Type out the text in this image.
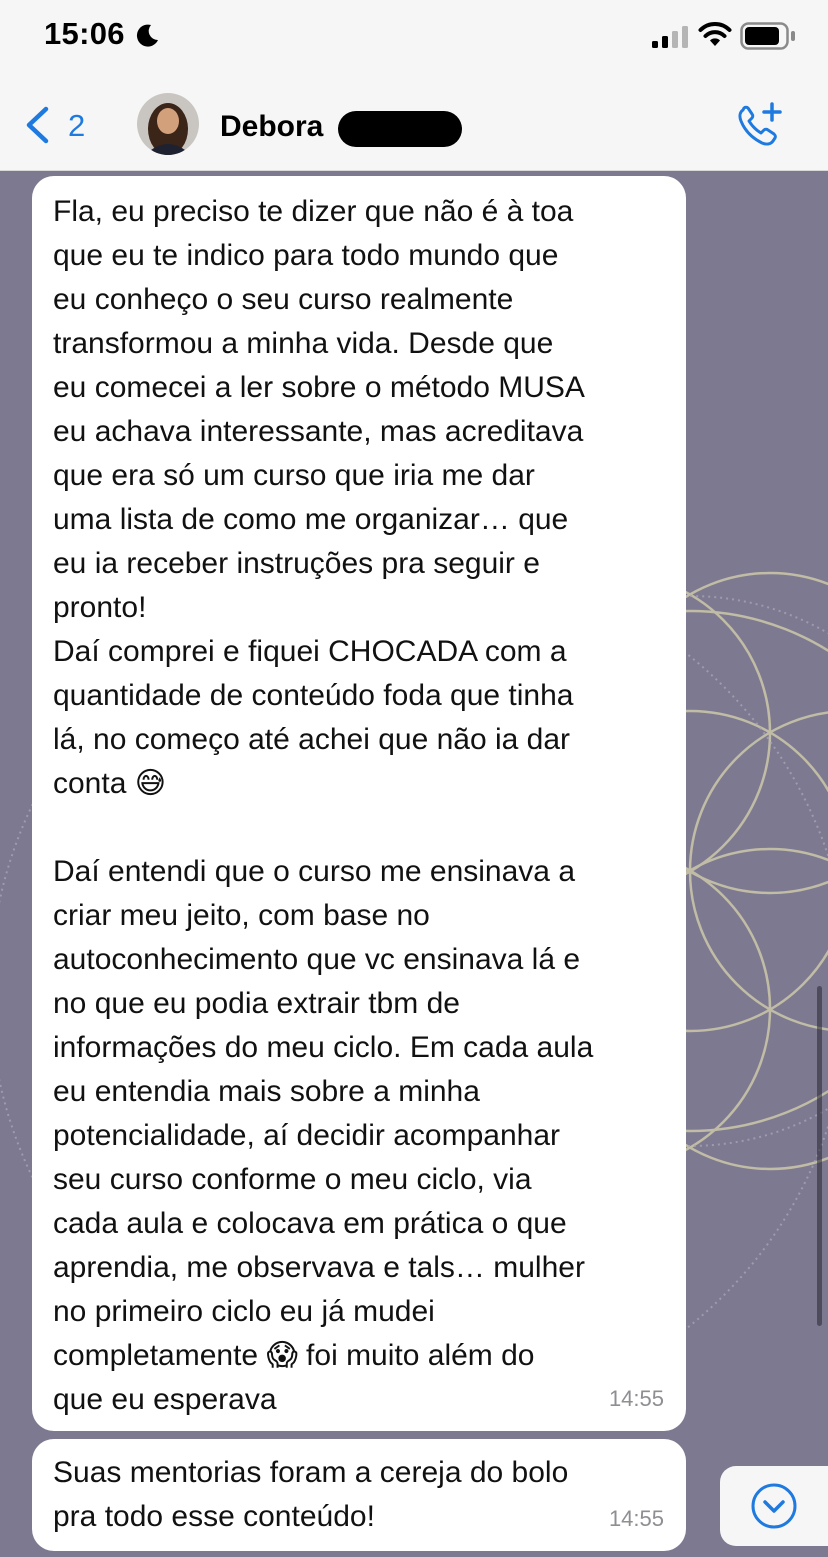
15:06
2	Debora
Fla, eu preciso te dizer que não é à toa
que eu te indico para todo mundo que
eu conheço o seu curso realmente
transformou a minha vida. Desde que
eu comecei a ler sobre o método MUSA
eu achava interessante, mas acreditava
que era só um curso que iria me dar
uma lista de como me organizar… que
eu ia receber instruções pra seguir e
pronto!
Daí comprei e fiquei CHOCADA com a
quantidade de conteúdo foda que tinha
lá, no começo até achei que não ia dar
conta 😅

Daí entendi que o curso me ensinava a
criar meu jeito, com base no
autoconhecimento que vc ensinava lá e
no que eu podia extrair tbm de
informações do meu ciclo. Em cada aula
eu entendia mais sobre a minha
potencialidade, aí decidir acompanhar
seu curso conforme o meu ciclo, via
cada aula e colocava em prática o que
aprendia, me observava e tals… mulher
no primeiro ciclo eu já mudei
completamente 😱 foi muito além do
que eu esperava	14:55
Suas mentorias foram a cereja do bolo
pra todo esse conteúdo!	14:55
